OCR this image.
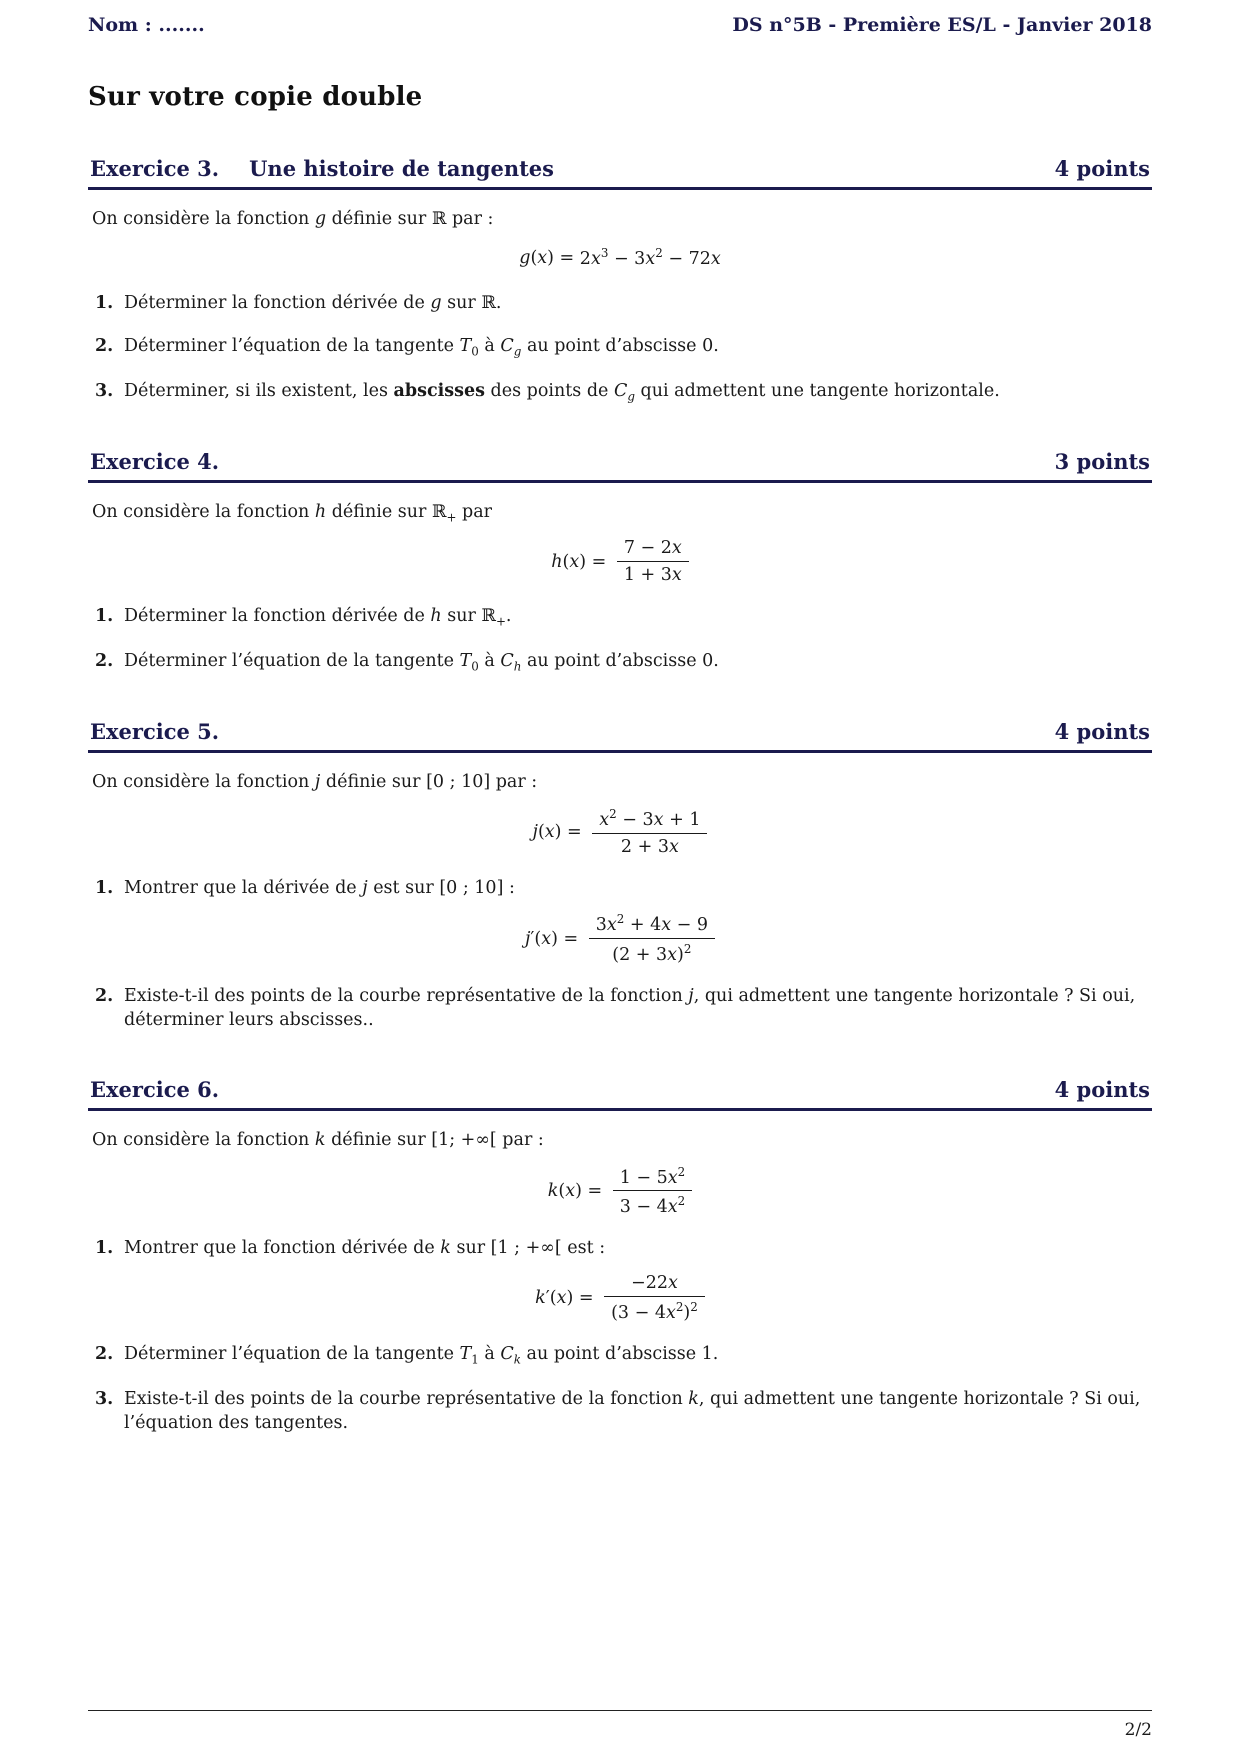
Nom : .......	DS n°5B - Première ES/L - Janvier 2018
Sur votre copie double
Exercice 3. Une histoire de tangentes	4 points

On considère la fonction g définie sur ℝ par :

$g(x) = 2x^3 - 3x^2 - 72x$
1. Déterminer la fonction dérivée de g sur ℝ.
2. Déterminer l’équation de la tangente $T_0$ à $C_g$ au point d’abscisse 0.
3. Déterminer, si ils existent, les abscisses des points de $C_g$ qui admettent une tangente horizontale.
Exercice 4.	3 points

On considère la fonction h définie sur ℝ$_+$ par

$h(x) = \frac{7 - 2x}{1 + 3x}$
1. Déterminer la fonction dérivée de h sur ℝ$_+$.
2. Déterminer l’équation de la tangente $T_0$ à $C_h$ au point d’abscisse 0.
Exercice 5.	4 points

On considère la fonction j définie sur [0 ; 10] par :

$j(x) = \frac{x^2 - 3x + 1}{2 + 3x}$
1. Montrer que la dérivée de j est sur [0 ; 10] :
$j'(x) = \frac{3x^2 + 4x - 9}{(2 + 3x)^2}$
2. Existe-t-il des points de la courbe représentative de la fonction j, qui admettent une tangente horizontale ? Si oui, déterminer leurs abscisses..
Exercice 6.	4 points

On considère la fonction k définie sur [1; +∞[ par :

$k(x) = \frac{1 - 5x^2}{3 - 4x^2}$
1. Montrer que la fonction dérivée de k sur [1 ; +∞[ est :
$k'(x) = \frac{-22x}{(3 - 4x^2)^2}$
2. Déterminer l’équation de la tangente $T_1$ à $C_k$ au point d’abscisse 1.
3. Existe-t-il des points de la courbe représentative de la fonction k, qui admettent une tangente horizontale ? Si oui, l’équation des tangentes.
2/2
